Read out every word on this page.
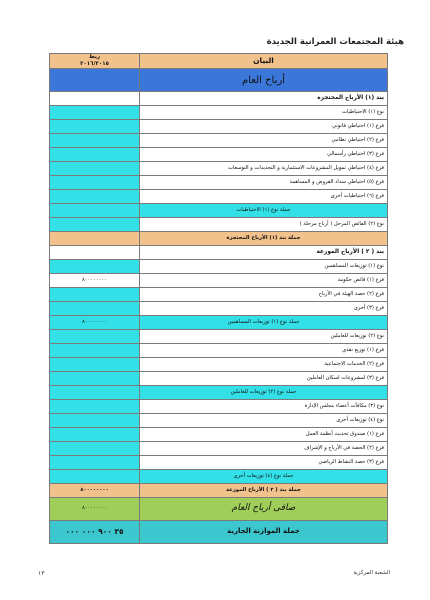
هيئة المجتمعات العمرانية الجديدة
البيان	ربط
٢٠١٦/٢٠١٥

أرباح العام	
بند (١) الأرباح المحتجزة	
نوع (١) الاحتياطيات	
فرع (١) احتياطي قانوني	
فرع (٢) احتياطي نظامي	
فرع (٣) احتياطي رأسمالي	
فرع (٤) احتياطي تمويل المشروعات الاستثمارية و التجديدات و التوسعات	
فرع (٥) احتياطي سداد القروض و المساهمة	
فرع (٦) احتياطيات أخرى	
جملة نوع (١) الاحتياطيات	
نوع (٢) الفائض المرحل ( أرباح مرحلة )	
جملة بند (١) الأرباح المحتجزة	
بند ( ٢ ) الأرباح الموزعة	
نوع (١) توزيعات المساهمين	
فرع (١) فائض حكومة	٨٠٠٠٠٠٠٠٠
فرع (٢) حصة الهيئة في الأرباح	
فرع (٣) أخرى	
جملة نوع (١) توزيعات المساهمين	٨٠٠٠٠٠٠٠٠
نوع (٢) توزيعات للعاملين	
فرع (١) توزيع نقدي	
فرع (٢) الخدمات الاجتماعية	
فرع (٣) لمشروعات اسكان العاملين	
جملة نوع (٢) توزيعات للعاملين	
نوع (٣) مكافآت أعضاء مجلس الإدارة	
نوع (٤) توزيعات أخرى	
فرع (١) صندوق تحديث أنظمة العمل	
فرع (٢) الحصة في الأرباح و الإشراف	
فرع (٣) حصة النشاط الرياضي	
جملة نوع (٤) توزيعات أخرى	
جملة بند ( ٢ ) الأرباح الموزعة	٨٠٠٠٠٠٠٠٠
صافى أرباح العام	٨٠٠٠٠٠٠٠٠
جملة الموازنة الجارية	٣٥ ٩٠٠ ٠٠٠ ٠٠٠
١٣	الشعبة المركزية
